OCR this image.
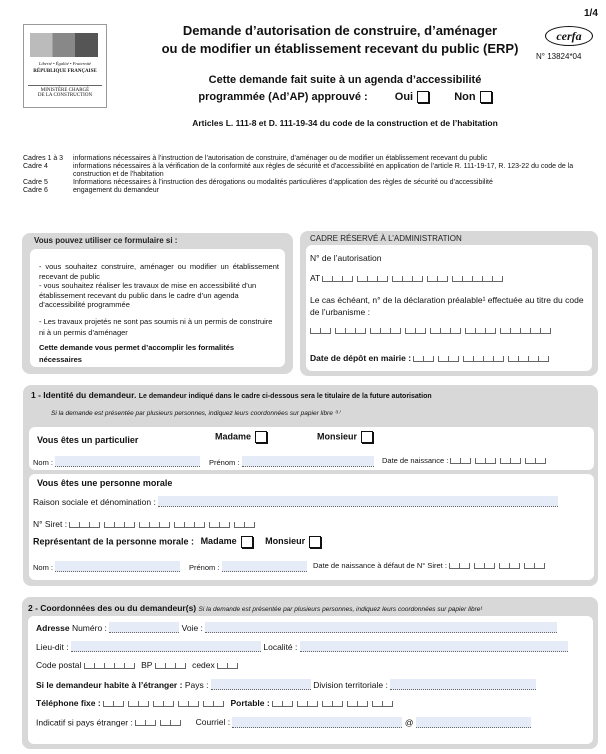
1/4
Liberté • Égalité • Fraternité
RÉPUBLIQUE FRANÇAISE
MINISTÈRE CHARGÉ
DE LA CONSTRUCTION
Demande d’autorisation de construire, d’aménager
ou de modifier un établissement recevant du public (ERP)
cerfa
N° 13824*04
Cette demande fait suite à un agenda d’accessibilité
programmée (Ad’AP) approuvé : Oui	Non
Articles L. 111-8 et D. 111-19-34 du code de la construction et de l’habitation
Cadres 1 à 3	informations nécessaires à l’instruction de l’autorisation de construire, d’aménager ou de modifier un établissement recevant du public
Cadre 4	informations nécessaires à la vérification de la conformité aux règles de sécurité et d’accessibilité en application de l’article R. 111-19-17, R. 123-22 du code de la construction et de l’habitation
Cadre 5	Informations nécessaires à l’instruction des dérogations ou modalités particulières d’application des règles de sécurité ou d’accessibilité
Cadre 6	engagement du demandeur
Vous pouvez utiliser ce formulaire si :
- vous souhaitez construire, aménager ou modifier un établissement recevant de public
- vous souhaitez réaliser les travaux de mise en accessibilité d’un établissement recevant du public dans le cadre d’un agenda d’accessibilité programmée
- Les travaux projetés ne sont pas soumis ni à un permis de construire ni à un permis d’aménager
Cette demande vous permet d’accomplir les formalités nécessaires
CADRE RÉSERVÉ À L’ADMINISTRATION
N° de l’autorisation
AT
Le cas échéant, n° de la déclaration préalable¹ effectuée au titre du code de l’urbanisme :
Date de dépôt en mairie :
1 - Identité du demandeur. Le demandeur indiqué dans le cadre ci-dessous sera le titulaire de la future autorisation
Si la demande est présentée par plusieurs personnes, indiquez leurs coordonnées sur papier libre ⁽¹⁾
Vous êtes un particulier	Madame	Monsieur
Nom :	Prénom :	Date de naissance :
Vous êtes une personne morale
Raison sociale et dénomination :
N° Siret :
Représentant de la personne morale : Madame	Monsieur
Nom :	Prénom :	Date de naissance à défaut de N° Siret :
2 - Coordonnées des ou du demandeur(s) Si la demande est présentée par plusieurs personnes, indiquez leurs coordonnées sur papier libre¹
Adresse Numéro :	Voie :
Lieu-dit :	Localité :
Code postal	BP	cedex
Si le demandeur habite à l’étranger : Pays :	Division territoriale :
Téléphone fixe :	Portable :
Indicatif si pays étranger :	Courriel :	@
